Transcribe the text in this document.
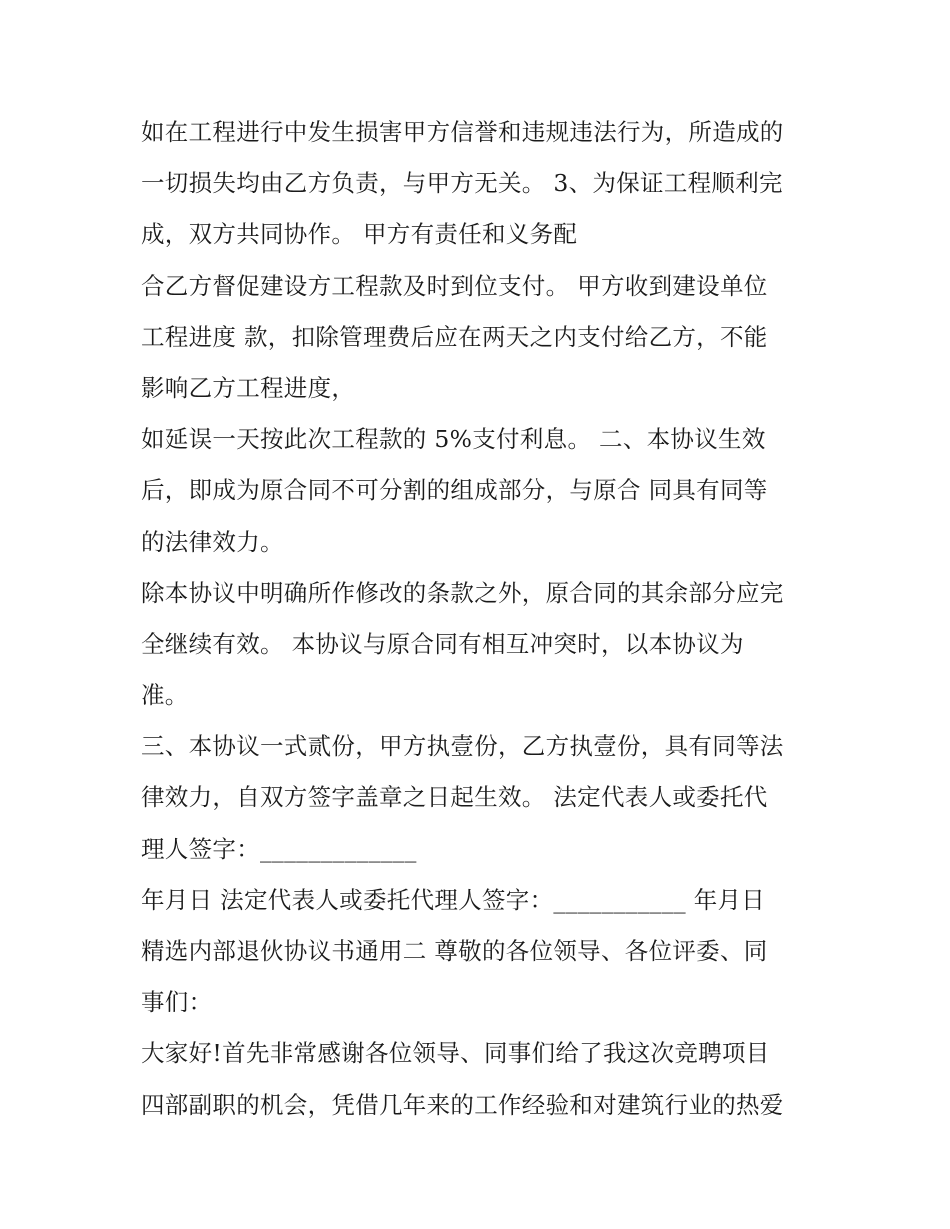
如在工程进行中发生损害甲方信誉和违规违法行为，所造成的
一切损失均由乙方负责，与甲方无关。 3、为保证工程顺利完
成，双方共同协作。 甲方有责任和义务配
合乙方督促建设方工程款及时到位支付。 甲方收到建设单位
工程进度 款，扣除管理费后应在两天之内支付给乙方，不能
影响乙方工程进度，
如延误一天按此次工程款的 5%支付利息。 二、本协议生效
后，即成为原合同不可分割的组成部分，与原合 同具有同等
的法律效力。
除本协议中明确所作修改的条款之外，原合同的其余部分应完
全继续有效。 本协议与原合同有相互冲突时，以本协议为
准。
三、本协议一式贰份，甲方执壹份，乙方执壹份，具有同等法
律效力，自双方签字盖章之日起生效。 法定代表人或委托代
理人签字：_____________
年月日 法定代表人或委托代理人签字：___________ 年月日
精选内部退伙协议书通用二 尊敬的各位领导、各位评委、同
事们：
大家好!首先非常感谢各位领导、同事们给了我这次竞聘项目
四部副职的机会，凭借几年来的工作经验和对建筑行业的热爱
